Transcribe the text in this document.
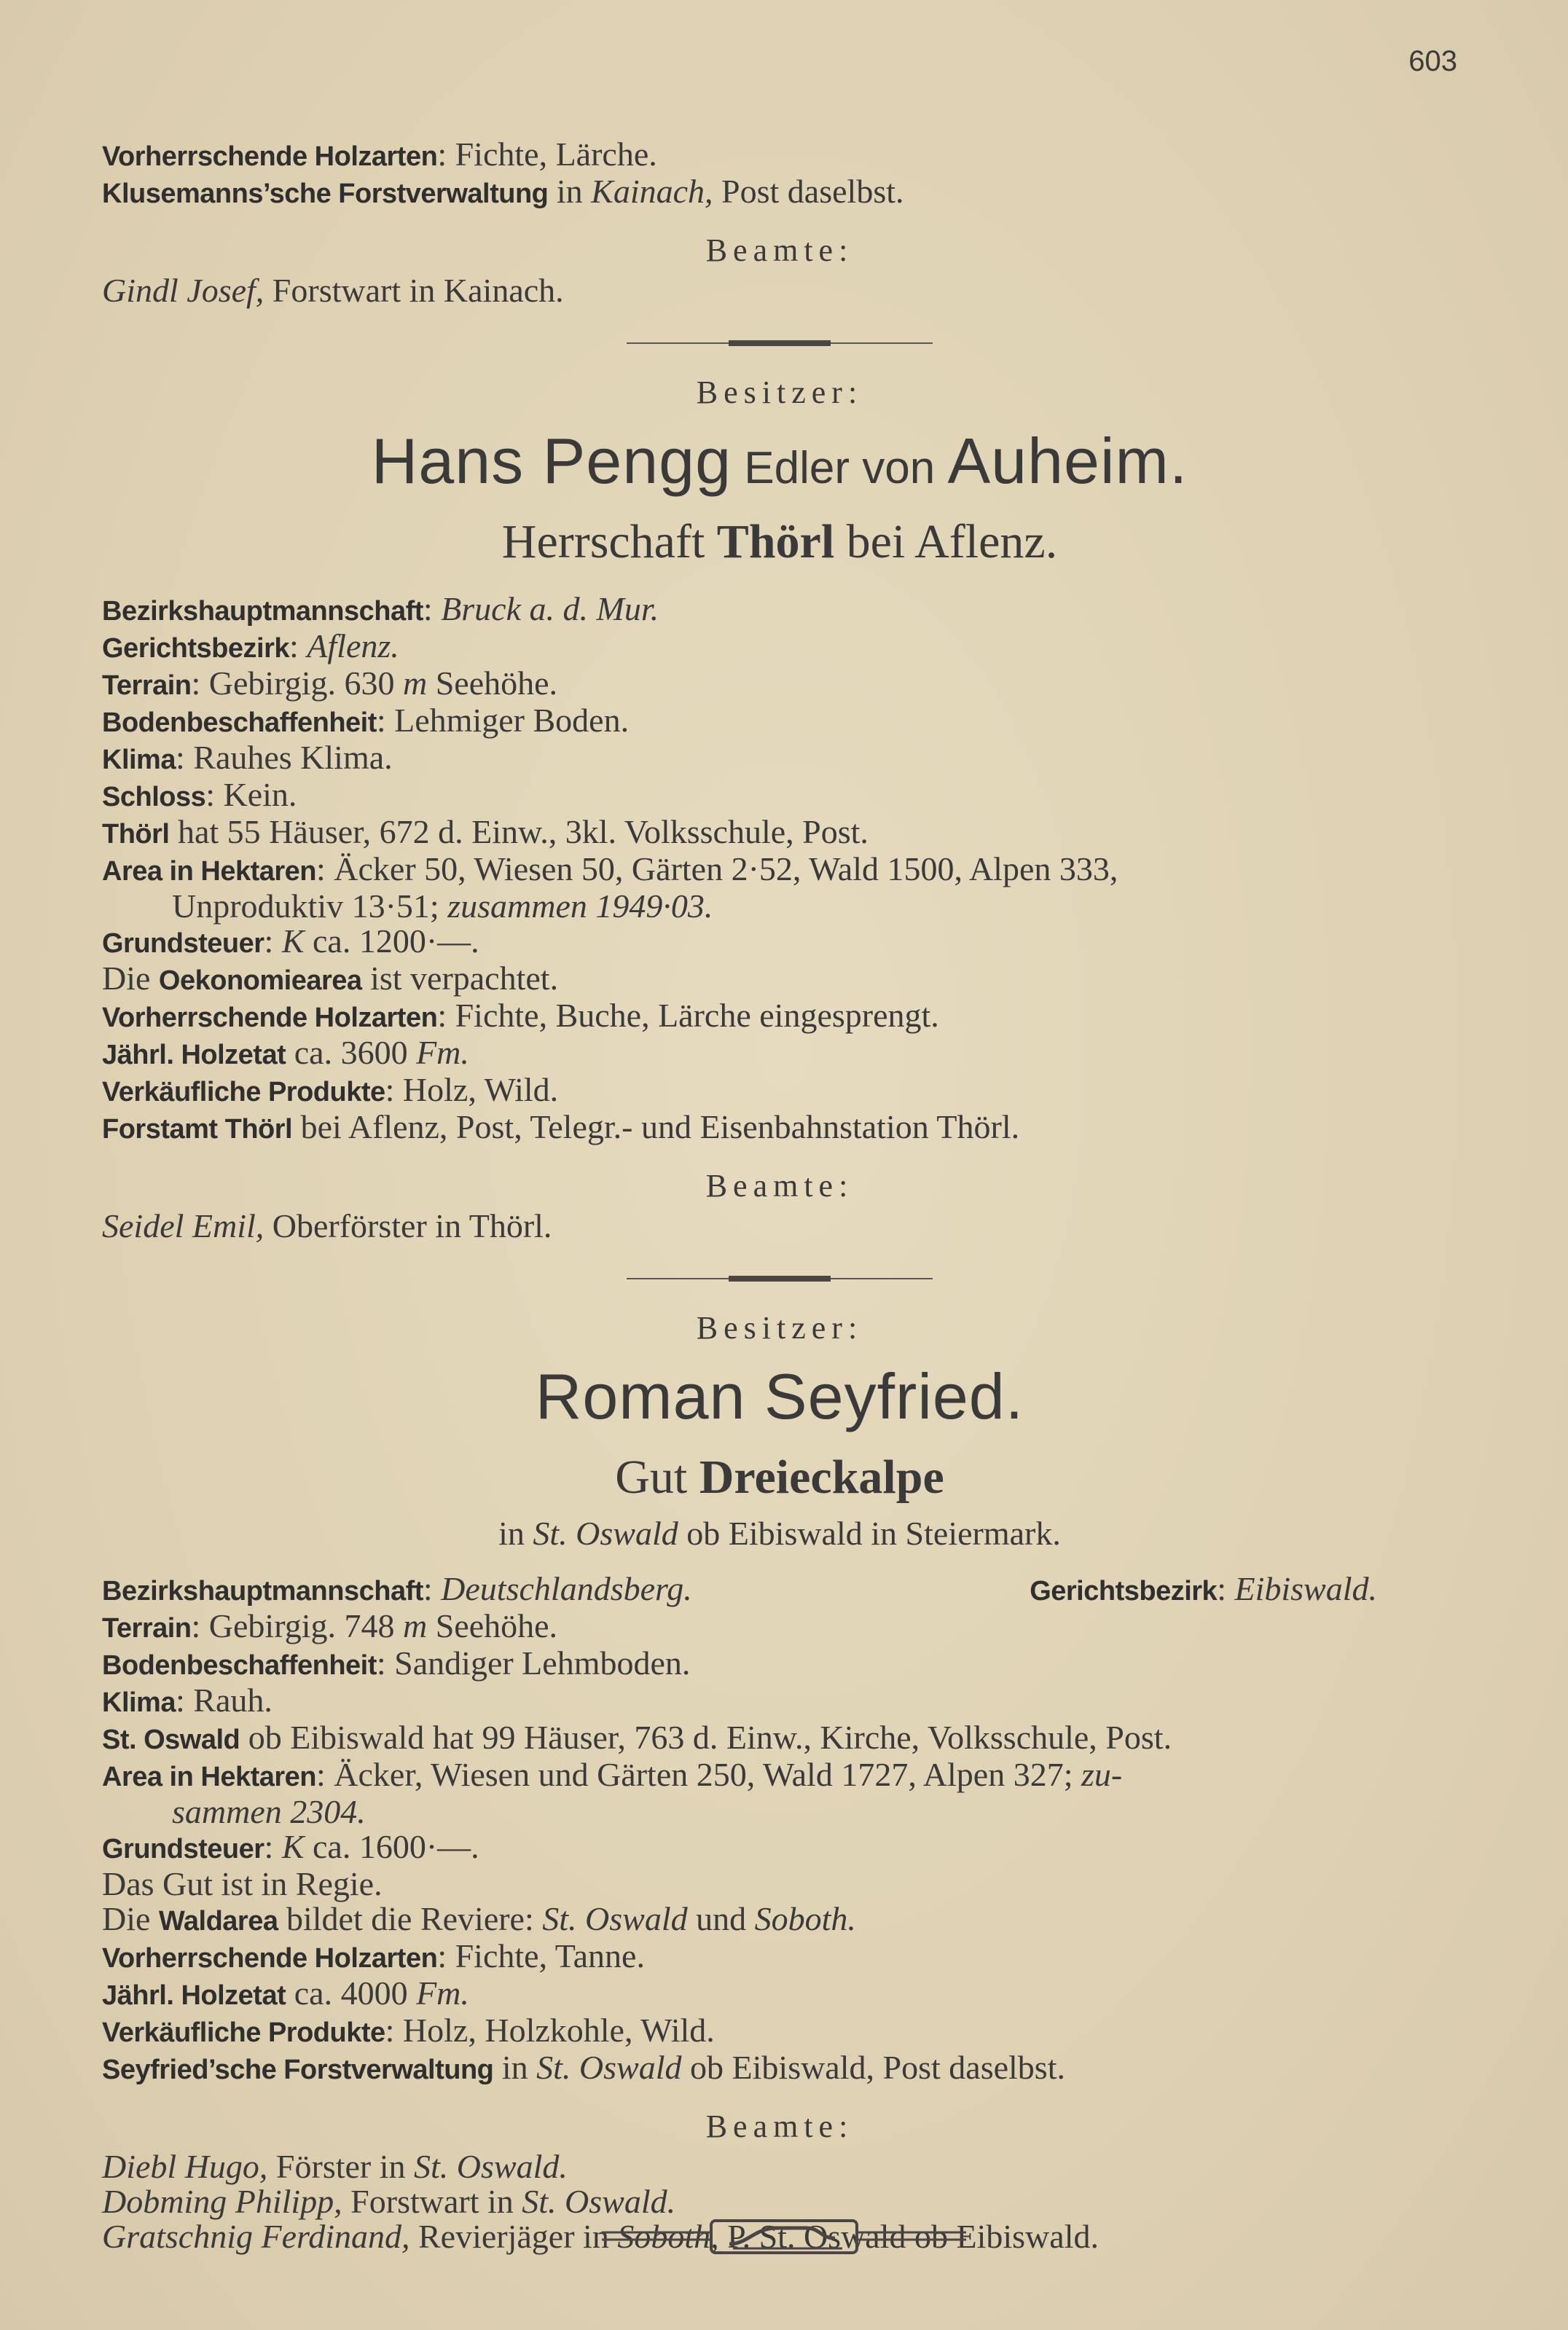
603

Vorherrschende Holzarten: Fichte, Lärche.

Klusemanns’sche Forstverwaltung in Kainach, Post daselbst.

Beamte:

Gindl Josef, Forstwart in Kainach.

Besitzer:

Hans Pengg Edler von Auheim.

Herrschaft Thörl bei Aflenz.

Bezirkshauptmannschaft: Bruck a. d. Mur.

Gerichtsbezirk: Aflenz.

Terrain: Gebirgig. 630 m Seehöhe.

Bodenbeschaffenheit: Lehmiger Boden.

Klima: Rauhes Klima.

Schloss: Kein.

Thörl hat 55 Häuser, 672 d. Einw., 3kl. Volksschule, Post.

Area in Hektaren: Äcker 50, Wiesen 50, Gärten 2·52, Wald 1500, Alpen 333,

Unproduktiv 13·51; zusammen 1949·03.

Grundsteuer: K ca. 1200·—.

Die Oekonomiearea ist verpachtet.

Vorherrschende Holzarten: Fichte, Buche, Lärche eingesprengt.

Jährl. Holzetat ca. 3600 Fm.

Verkäufliche Produkte: Holz, Wild.

Forstamt Thörl bei Aflenz, Post, Telegr.- und Eisenbahnstation Thörl.

Beamte:

Seidel Emil, Oberförster in Thörl.

Besitzer:

Roman Seyfried.

Gut Dreieckalpe

in St. Oswald ob Eibiswald in Steiermark.

Bezirkshauptmannschaft: Deutschlandsberg.	Gerichtsbezirk: Eibiswald.

Terrain: Gebirgig. 748 m Seehöhe.

Bodenbeschaffenheit: Sandiger Lehmboden.

Klima: Rauh.

St. Oswald ob Eibiswald hat 99 Häuser, 763 d. Einw., Kirche, Volksschule, Post.

Area in Hektaren: Äcker, Wiesen und Gärten 250, Wald 1727, Alpen 327; zu-

sammen 2304.

Grundsteuer: K ca. 1600·—.

Das Gut ist in Regie.

Die Waldarea bildet die Reviere: St. Oswald und Soboth.

Vorherrschende Holzarten: Fichte, Tanne.

Jährl. Holzetat ca. 4000 Fm.

Verkäufliche Produkte: Holz, Holzkohle, Wild.

Seyfried’sche Forstverwaltung in St. Oswald ob Eibiswald, Post daselbst.

Beamte:

Diebl Hugo, Förster in St. Oswald.

Dobming Philipp, Forstwart in St. Oswald.

Gratschnig Ferdinand, Revierjäger in Soboth, P. St. Oswald ob Eibiswald.
